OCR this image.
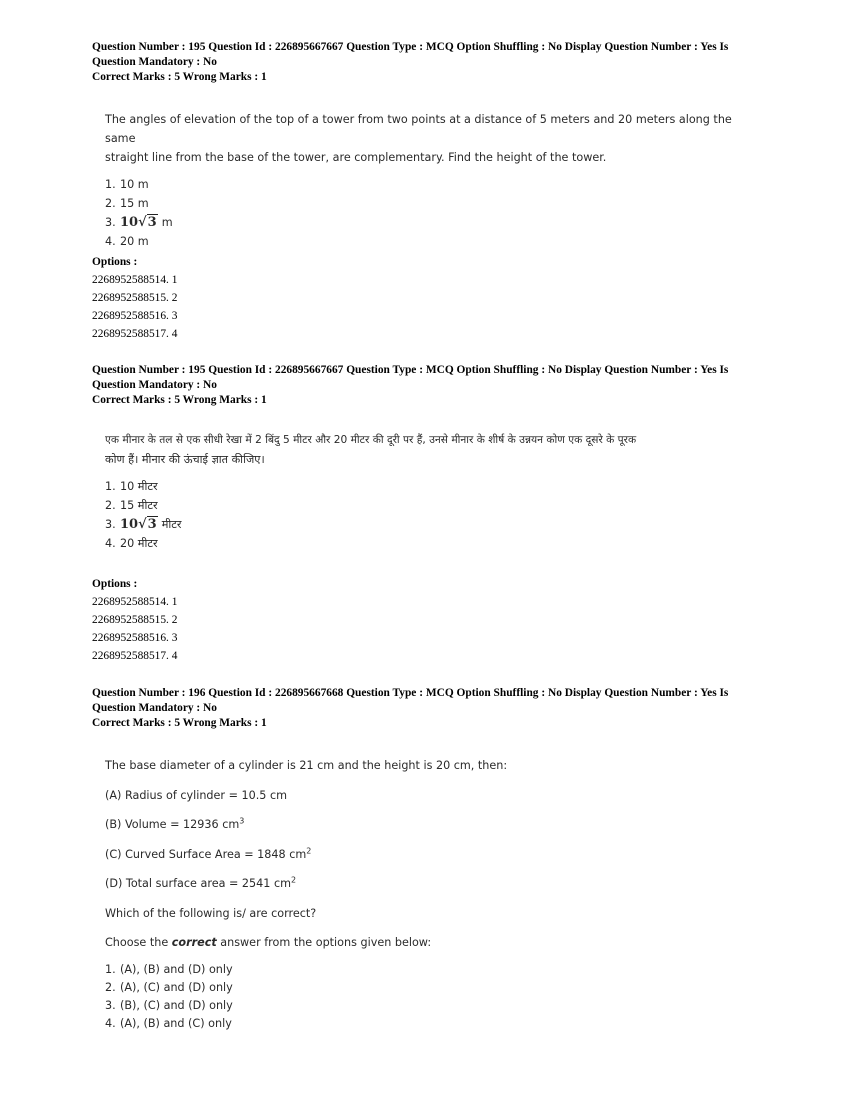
Question Number : 195 Question Id : 226895667667 Question Type : MCQ Option Shuffling : No Display Question Number : Yes Is
Question Mandatory : No
Correct Marks : 5 Wrong Marks : 1
The angles of elevation of the top of a tower from two points at a distance of 5 meters and 20 meters along the same
straight line from the base of the tower, are complementary. Find the height of the tower.
1. 10 m
2. 15 m
3. 10√3 m
4. 20 m
Options :
2268952588514. 1
2268952588515. 2
2268952588516. 3
2268952588517. 4
Question Number : 195 Question Id : 226895667667 Question Type : MCQ Option Shuffling : No Display Question Number : Yes Is
Question Mandatory : No
Correct Marks : 5 Wrong Marks : 1
एक मीनार के तल से एक सीधी रेखा में 2 बिंदु 5 मीटर और 20 मीटर की दूरी पर हैं, उनसे मीनार के शीर्ष के उन्नयन कोण एक दूसरे के पूरक
कोण हैं। मीनार की ऊंचाई ज्ञात कीजिए।
1. 10 मीटर
2. 15 मीटर
3. 10√3 मीटर
4. 20 मीटर
Options :
2268952588514. 1
2268952588515. 2
2268952588516. 3
2268952588517. 4
Question Number : 196 Question Id : 226895667668 Question Type : MCQ Option Shuffling : No Display Question Number : Yes Is
Question Mandatory : No
Correct Marks : 5 Wrong Marks : 1
The base diameter of a cylinder is 21 cm and the height is 20 cm, then:
(A) Radius of cylinder = 10.5 cm
(B) Volume = 12936 $cm^3$
(C) Curved Surface Area = 1848 $cm^2$
(D) Total surface area = 2541 $cm^2$
Which of the following is/ are correct?
Choose the correct answer from the options given below:
1. (A), (B) and (D) only
2. (A), (C) and (D) only
3. (B), (C) and (D) only
4. (A), (B) and (C) only
